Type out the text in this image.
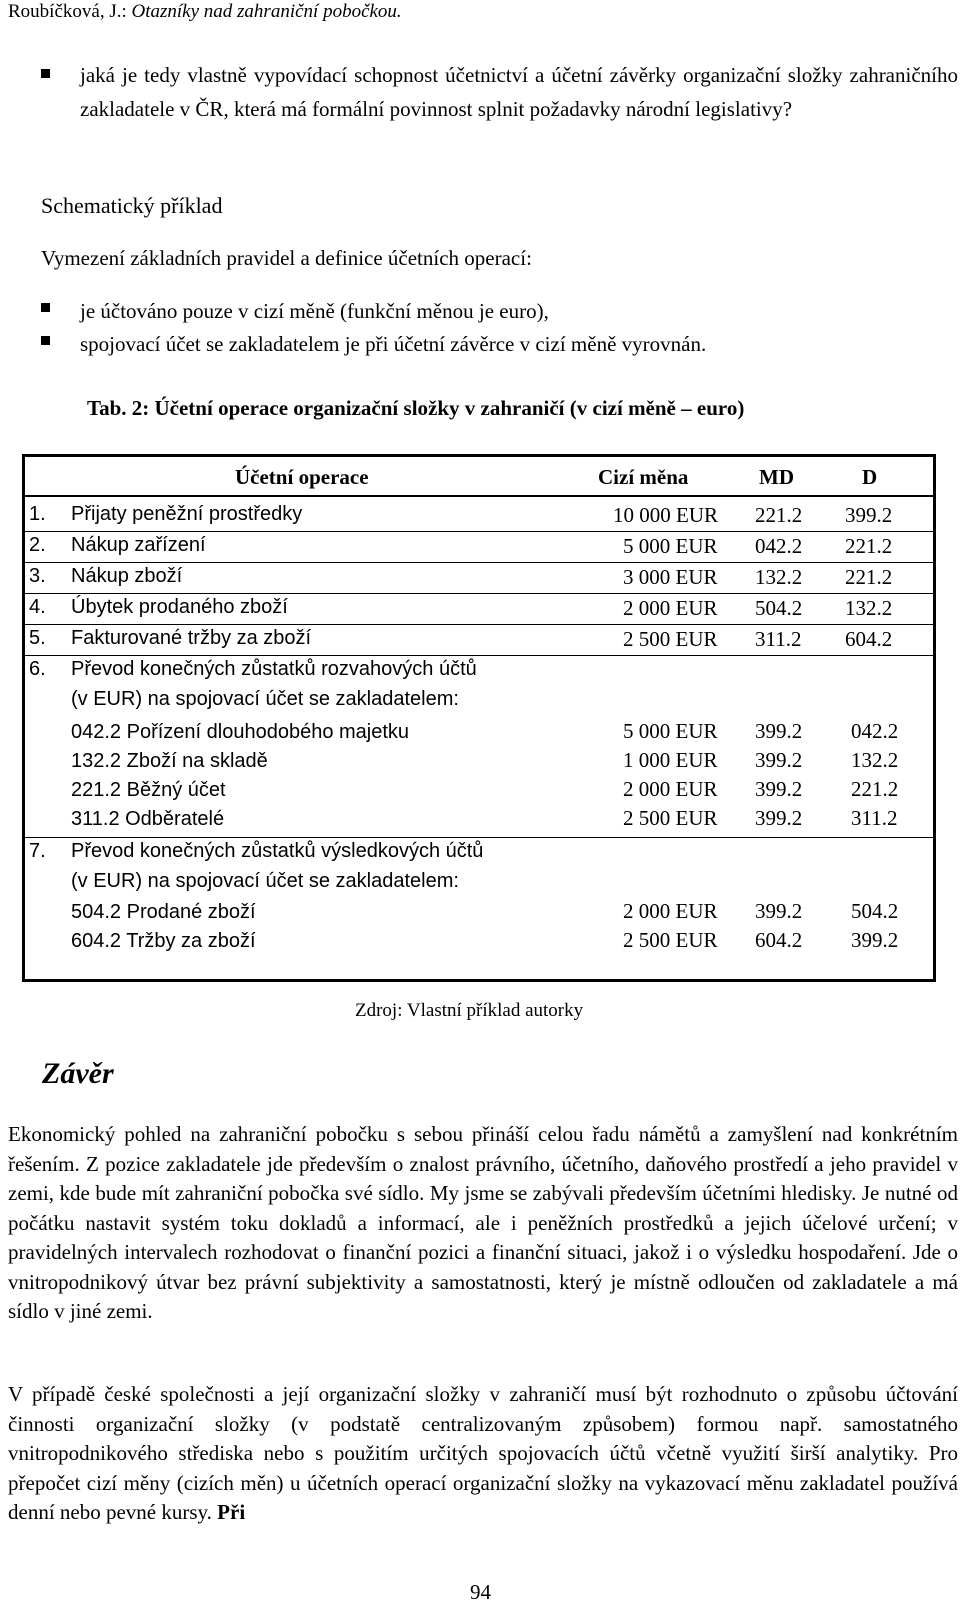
Roubíčková, J.: Otazníky nad zahraniční pobočkou.
jaká je tedy vlastně vypovídací schopnost účetnictví a účetní závěrky organizační složky zahraničního zakladatele v ČR, která má formální povinnost splnit požadavky národní legislativy?
Schematický příklad
Vymezení základních pravidel a definice účetních operací:
je účtováno pouze v cizí měně (funkční měnou je euro),
spojovací účet se zakladatelem je při účetní závěrce v cizí měně vyrovnán.
Tab. 2: Účetní operace organizační složky v zahraničí (v cizí měně – euro)
Účetní operace	Cizí měna	MD	D
1. Přijaty peněžní prostředky	10 000 EUR 221.2 399.2
2. Nákup zařízení	5 000 EUR 042.2 221.2
3. Nákup zboží	3 000 EUR 132.2 221.2
4. Úbytek prodaného zboží	2 000 EUR 504.2 132.2
5. Fakturované tržby za zboží	2 500 EUR 311.2 604.2
6. Převod konečných zůstatků rozvahových účtů
(v EUR) na spojovací účet se zakladatelem:
042.2 Pořízení dlouhodobého majetku	5 000 EUR 399.2 042.2
132.2 Zboží na skladě	1 000 EUR 399.2 132.2
221.2 Běžný účet	2 000 EUR 399.2 221.2
311.2 Odběratelé	2 500 EUR 399.2 311.2
7. Převod konečných zůstatků výsledkových účtů
(v EUR) na spojovací účet se zakladatelem:
504.2 Prodané zboží	2 000 EUR 399.2 504.2
604.2 Tržby za zboží	2 500 EUR 604.2 399.2
Zdroj: Vlastní příklad autorky
Závěr
Ekonomický pohled na zahraniční pobočku s sebou přináší celou řadu námětů a zamyšlení nad konkrétním řešením. Z pozice zakladatele jde především o znalost právního, účetního, daňového prostředí a jeho pravidel v zemi, kde bude mít zahraniční pobočka své sídlo. My jsme se zabývali především účetními hledisky. Je nutné od počátku nastavit systém toku dokladů a informací, ale i peněžních prostředků a jejich účelové určení; v pravidelných intervalech rozhodovat o finanční pozici a finanční situaci, jakož i o výsledku hospodaření. Jde o vnitropodnikový útvar bez právní subjektivity a samostatnosti, který je místně odloučen od zakladatele a má sídlo v jiné zemi.
V případě české společnosti a její organizační složky v zahraničí musí být rozhodnuto o způsobu účtování činnosti organizační složky (v podstatě centralizovaným způsobem) formou např. samostatného vnitropodnikového střediska nebo s použitím určitých spojovacích účtů včetně využití širší analytiky. Pro přepočet cizí měny (cizích měn) u účetních operací organizační složky na vykazovací měnu zakladatel používá denní nebo pevné kursy. Při
94
